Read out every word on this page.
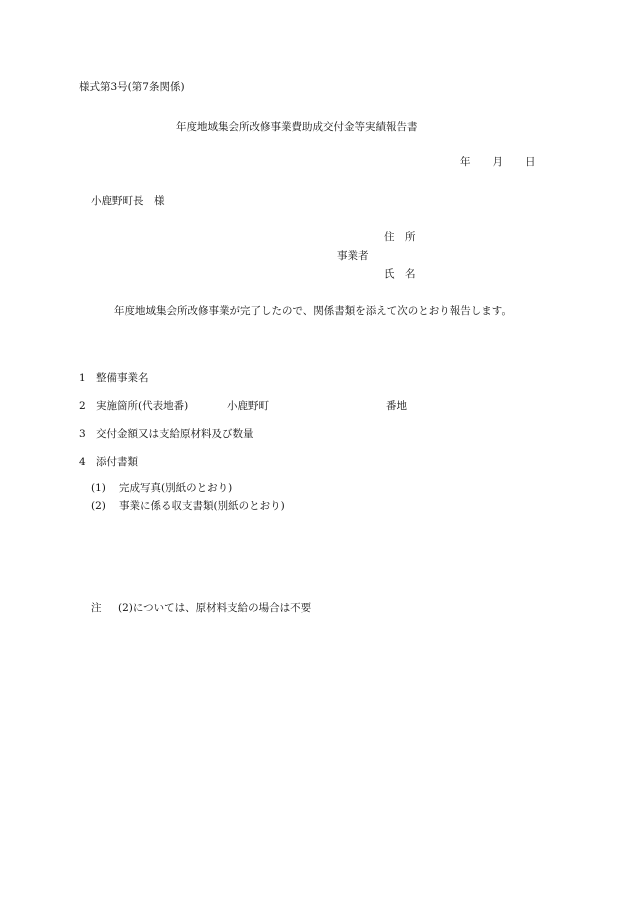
様式第3号(第7条関係)
年度地域集会所改修事業費助成交付金等実績報告書
年 月 日
小鹿野町長　様
住　所
事業者
氏　名
年度地域集会所改修事業が完了したので、関係書類を添えて次のとおり報告します。
1 整備事業名
2 実施箇所(代表地番)	小鹿野町	番地
3 交付金額又は支給原材料及び数量
4 添付書類
(1) 完成写真(別紙のとおり)
(2) 事業に係る収支書類(別紙のとおり)
注 (2)については、原材料支給の場合は不要
